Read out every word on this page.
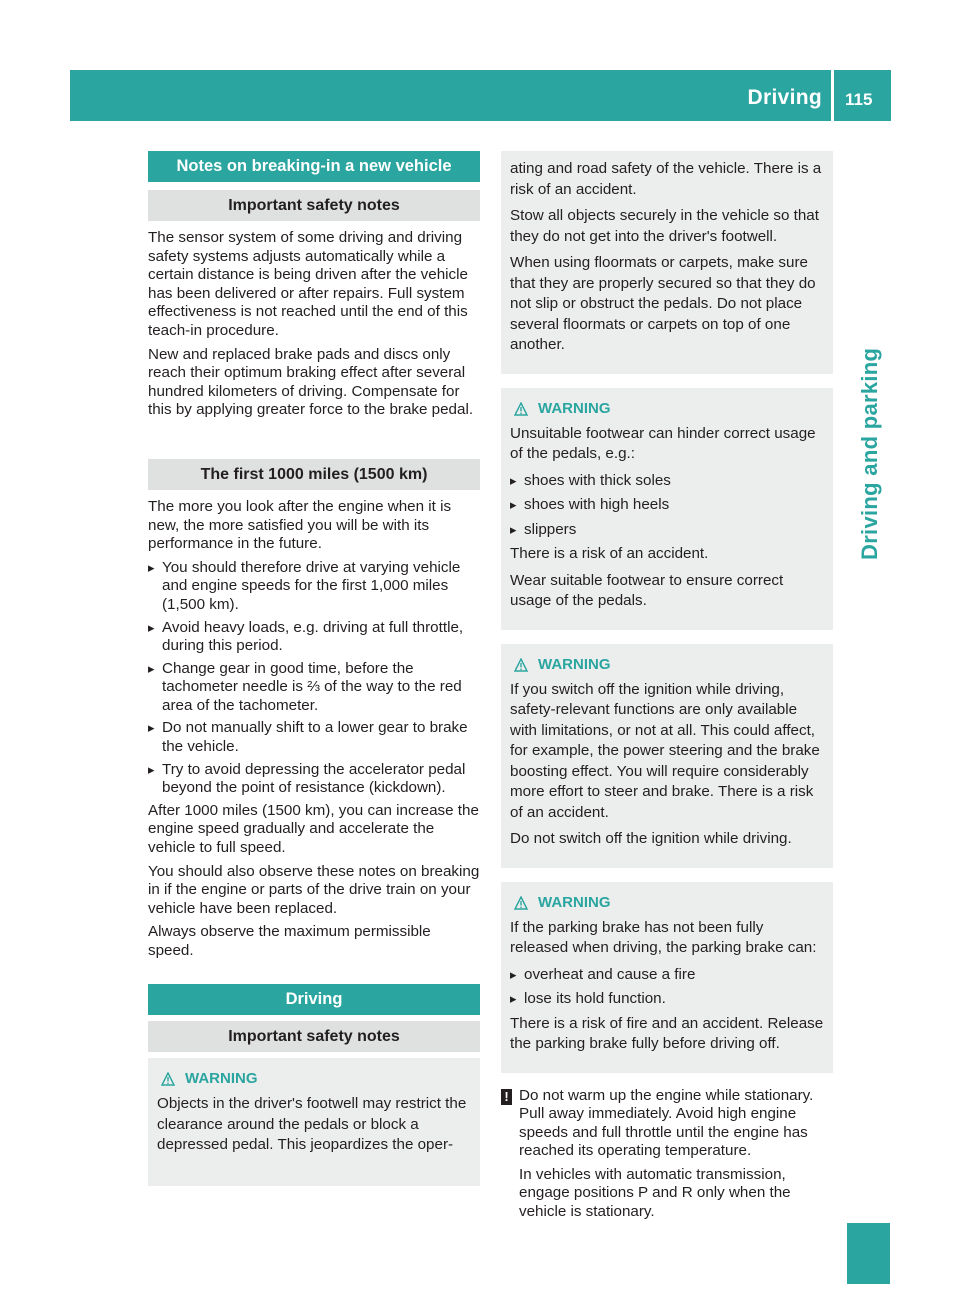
Driving 115
Driving and parking
Notes on breaking-in a new vehicle
Important safety notes

The sensor system of some driving and driving safety systems adjusts automatically while a certain distance is being driven after the vehicle has been delivered or after repairs. Full system effectiveness is not reached until the end of this teach-in procedure.

New and replaced brake pads and discs only reach their optimum braking effect after several hundred kilometers of driving. Compensate for this by applying greater force to the brake pedal.

The first 1000 miles (1500 km)

The more you look after the engine when it is new, the more satisfied you will be with its performance in the future.

▸ You should therefore drive at varying vehicle and engine speeds for the first 1,000 miles (1,500 km).
▸ Avoid heavy loads, e.g. driving at full throttle, during this period.
▸ Change gear in good time, before the tachometer needle is ⅔ of the way to the red area of the tachometer.
▸ Do not manually shift to a lower gear to brake the vehicle.
▸ Try to avoid depressing the accelerator pedal beyond the point of resistance (kickdown).

After 1000 miles (1500 km), you can increase the engine speed gradually and accelerate the vehicle to full speed.

You should also observe these notes on breaking in if the engine or parts of the drive train on your vehicle have been replaced.

Always observe the maximum permissible speed.

Driving
Important safety notes
WARNING

Objects in the driver's footwell may restrict the clearance around the pedals or block a depressed pedal. This jeopardizes the oper-

ating and road safety of the vehicle. There is a risk of an accident.

Stow all objects securely in the vehicle so that they do not get into the driver's footwell.

When using floormats or carpets, make sure that they are properly secured so that they do not slip or obstruct the pedals. Do not place several floormats or carpets on top of one another.

WARNING

Unsuitable footwear can hinder correct usage of the pedals, e.g.:

▸ shoes with thick soles
▸ shoes with high heels
▸ slippers

There is a risk of an accident.

Wear suitable footwear to ensure correct usage of the pedals.

WARNING

If you switch off the ignition while driving, safety-relevant functions are only available with limitations, or not at all. This could affect, for example, the power steering and the brake boosting effect. You will require considerably more effort to steer and brake. There is a risk of an accident.

Do not switch off the ignition while driving.

WARNING

If the parking brake has not been fully released when driving, the parking brake can:

▸ overheat and cause a fire
▸ lose its hold function.

There is a risk of fire and an accident. Release the parking brake fully before driving off.

! Do not warm up the engine while stationary. Pull away immediately. Avoid high engine speeds and full throttle until the engine has reached its operating temperature.

In vehicles with automatic transmission, engage positions P and R only when the vehicle is stationary.
